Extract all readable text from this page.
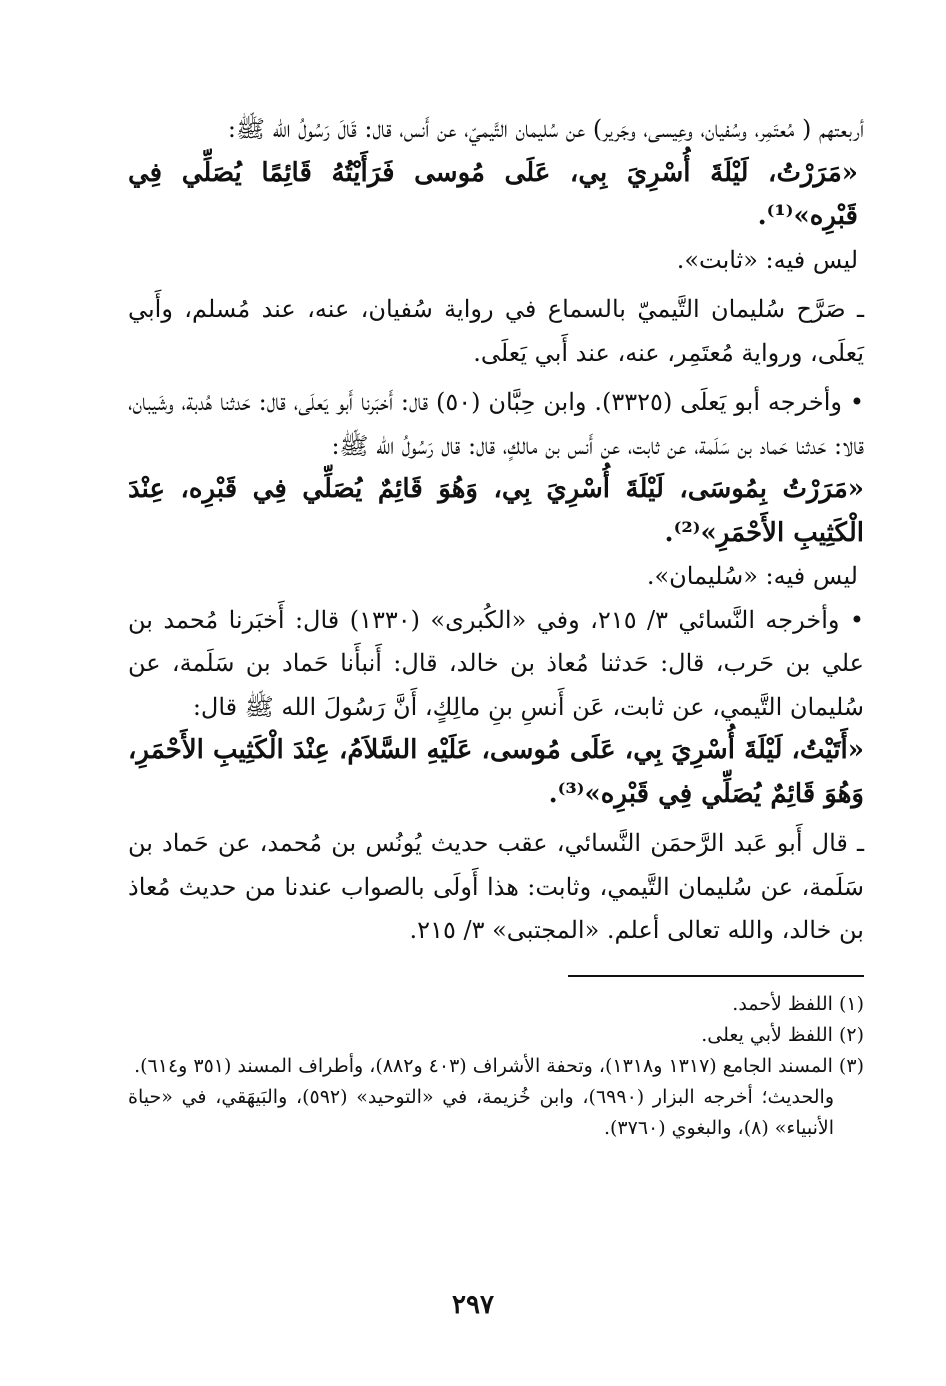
أربعتهم ( مُعتَمِر، وسُفيان، وعِيسى، وجَرير) عن سُليمان التَّيميّ، عن أَنس، قال: قَالَ رَسُولُ الله ﷺ:

«مَرَرْتُ، لَيْلَةَ أُسْرِيَ بِي، عَلَى مُوسى فَرَأَيْتُهُ قَائِمًا يُصَلِّي فِي قَبْرِه»⁽¹⁾.

ليس فيه: «ثابت».

ـ صَرَّح سُليمان التَّيميّ بالسماع في رواية سُفيان، عنه، عند مُسلم، وأَبي يَعلَى، ورواية مُعتَمِر، عنه، عند أَبي يَعلَى.

• وأخرجه أبو يَعلَى (٣٣٢٥). وابن حِبَّان (٥٠) قال: أَخبَرنا أَبو يَعلَى، قال: حَدثنا هُدبة، وشَيبان، قالا: حَدثنا حَماد بن سَلَمة، عن ثابت، عن أَنس بن مالكٍ، قال: قال رَسُولُ الله ﷺ:

«مَرَرْتُ بِمُوسَى، لَيْلَةَ أُسْرِيَ بِي، وَهُوَ قَائِمٌ يُصَلِّي فِي قَبْرِه، عِنْدَ الْكَثِيبِ الأَحْمَرِ»⁽²⁾.

ليس فيه: «سُليمان».

• وأخرجه النَّسائي ٣/ ٢١٥، وفي «الكُبرى» (١٣٣٠) قال: أَخبَرنا مُحمد بن علي بن حَرب، قال: حَدثنا مُعاذ بن خالد، قال: أَنبأَنا حَماد بن سَلَمة، عن سُليمان التَّيمي، عن ثابت، عَن أَنسِ بنِ مالِكٍ، أَنَّ رَسُولَ الله ﷺ قال:

«أَتَيْتُ، لَيْلَةَ أُسْرِيَ بِي، عَلَى مُوسى، عَلَيْهِ السَّلاَمُ، عِنْدَ الْكَثِيبِ الأَحْمَرِ، وَهُوَ قَائِمٌ يُصَلِّي فِي قَبْرِه»⁽³⁾.

ـ قال أَبو عَبد الرَّحمَن النَّسائي، عقب حديث يُونُس بن مُحمد، عن حَماد بن سَلَمة، عن سُليمان التَّيمي، وثابت: هذا أَولَى بالصواب عندنا من حديث مُعاذ بن خالد، والله تعالى أعلم. «المجتبى» ٣/ ٢١٥.

(١) اللفظ لأحمد.

(٢) اللفظ لأبي يعلى.

(٣) المسند الجامع (١٣١٧ و١٣١٨)، وتحفة الأشراف (٤٠٣ و٨٨٢)، وأطراف المسند (٣٥١ و٦١٤).

والحديث؛ أخرجه البزار (٦٩٩٠)، وابن خُزيمة، في «التوحيد» (٥٩٢)، والبَيهَقي، في «حياة الأنبياء» (٨)، والبغوي (٣٧٦٠).

٢٩٧
